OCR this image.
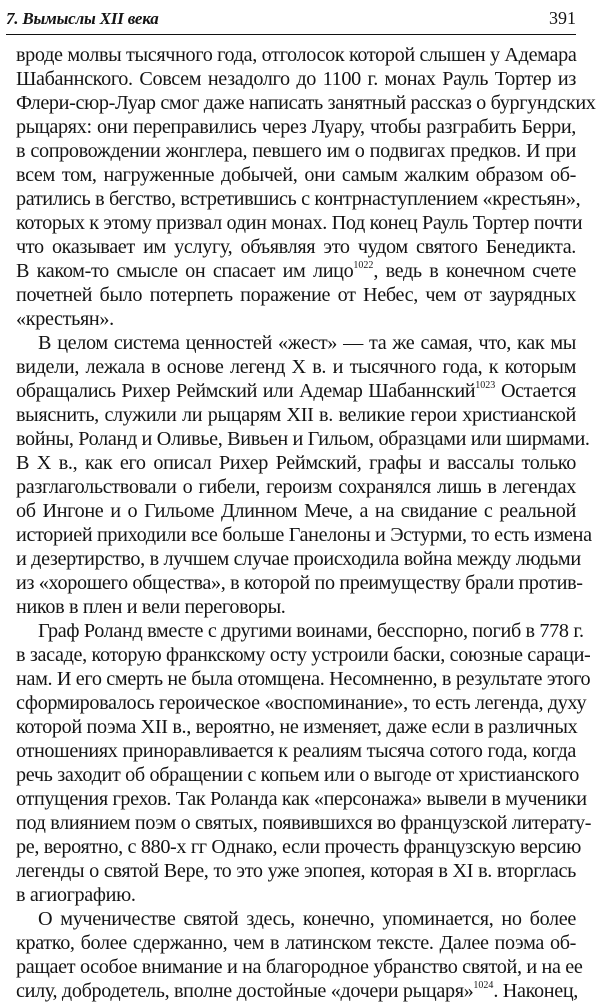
7. Вымыслы XII века	391
вроде молвы тысячного года, отголосок которой слышен у Адемара
Шабаннского. Совсем незадолго до 1100 г. монах Рауль Тортер из
Флери-сюр-Луар смог даже написать занятный рассказ о бургундских
рыцарях: они переправились через Луару, чтобы разграбить Берри,
в сопровождении жонглера, певшего им о подвигах предков. И при
всем том, нагруженные добычей, они самым жалким образом об-
ратились в бегство, встретившись с контрнаступлением «крестьян»,
которых к этому призвал один монах. Под конец Рауль Тортер почти
что оказывает им услугу, объявляя это чудом святого Бенедикта.
В каком-то смысле он спасает им лицо$^{1022}$, ведь в конечном счете
почетней было потерпеть поражение от Небес, чем от заурядных
«крестьян».
В целом система ценностей «жест» — та же самая, что, как мы
видели, лежала в основе легенд X в. и тысячного года, к которым
обращались Рихер Реймский или Адемар Шабаннский$^{1023}$ Остается
выяснить, служили ли рыцарям XII в. великие герои христианской
войны, Роланд и Оливье, Вивьен и Гильом, образцами или ширмами.
В X в., как его описал Рихер Реймский, графы и вассалы только
разглагольствовали о гибели, героизм сохранялся лишь в легендах
об Ингоне и о Гильоме Длинном Мече, а на свидание с реальной
историей приходили все больше Ганелоны и Эстурми, то есть измена
и дезертирство, в лучшем случае происходила война между людьми
из «хорошего общества», в которой по преимуществу брали против-
ников в плен и вели переговоры.
Граф Роланд вместе с другими воинами, бесспорно, погиб в 778 г.
в засаде, которую франкскому осту устроили баски, союзные сараци-
нам. И его смерть не была отомщена. Несомненно, в результате этого
сформировалось героическое «воспоминание», то есть легенда, духу
которой поэма XII в., вероятно, не изменяет, даже если в различных
отношениях приноравливается к реалиям тысяча сотого года, когда
речь заходит об обращении с копьем или о выгоде от христианского
отпущения грехов. Так Роланда как «персонажа» вывели в мученики
под влиянием поэм о святых, появившихся во французской литерату-
ре, вероятно, с 880-х гг Однако, если прочесть французскую версию
легенды о святой Вере, то это уже эпопея, которая в XI в. вторглась
в агиографию.
О мученичестве святой здесь, конечно, упоминается, но более
кратко, более сдержанно, чем в латинском тексте. Далее поэма об-
ращает особое внимание и на благородное убранство святой, и на ее
силу, добродетель, вполне достойные «дочери рыцаря»$^{1024}$. Наконец,
